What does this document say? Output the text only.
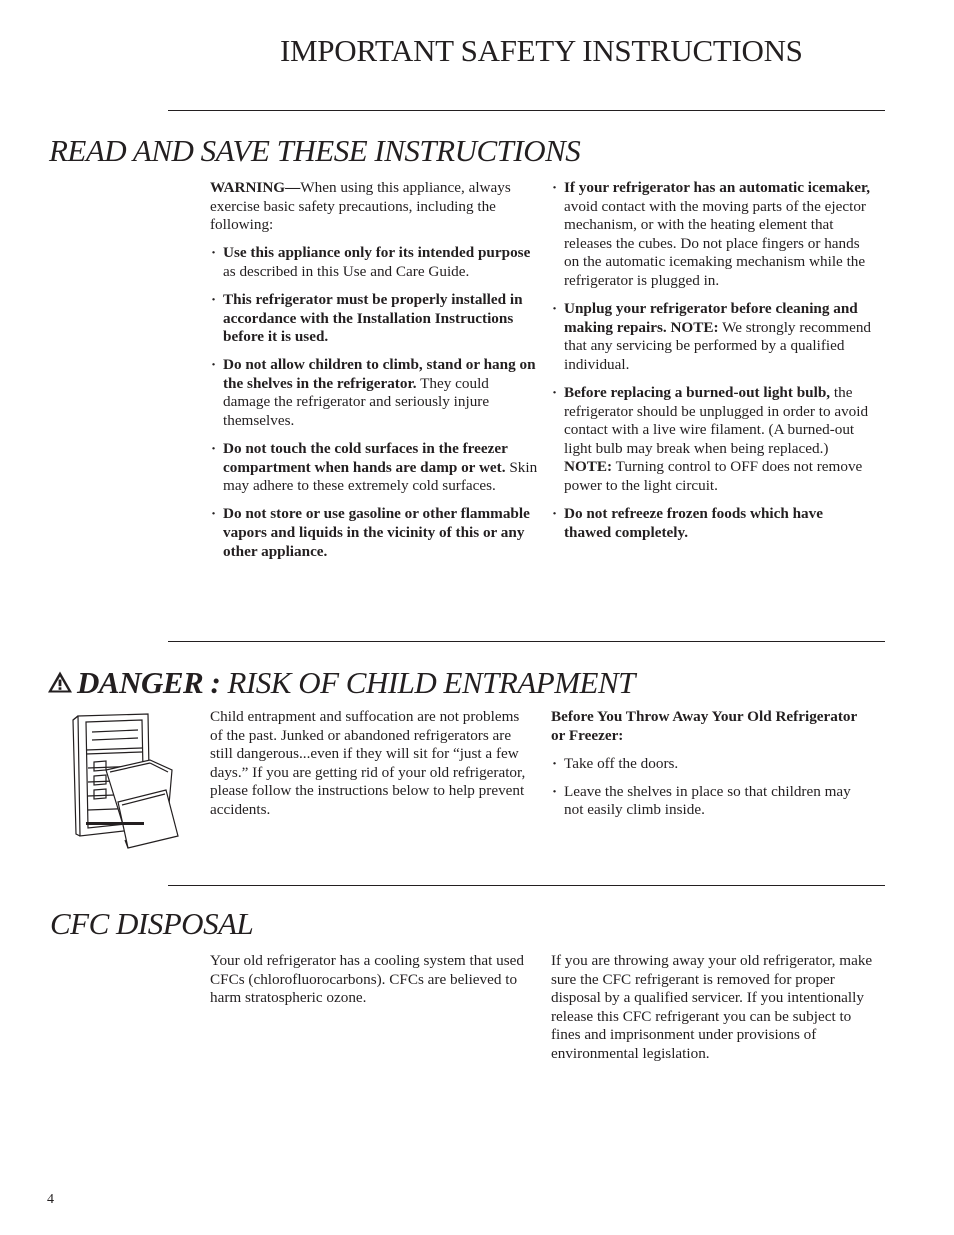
IMPORTANT SAFETY INSTRUCTIONS
READ AND SAVE THESE INSTRUCTIONS

WARNING—When using this appliance, always exercise basic safety precautions, including the following:

· Use this appliance only for its intended purpose as described in this Use and Care Guide.
· This refrigerator must be properly installed in accordance with the Installation Instructions before it is used.
· Do not allow children to climb, stand or hang on the shelves in the refrigerator. They could damage the refrigerator and seriously injure themselves.
· Do not touch the cold surfaces in the freezer compartment when hands are damp or wet. Skin may adhere to these extremely cold surfaces.
· Do not store or use gasoline or other flammable vapors and liquids in the vicinity of this or any other appliance.
· If your refrigerator has an automatic icemaker, avoid contact with the moving parts of the ejector mechanism, or with the heating element that releases the cubes. Do not place fingers or hands on the automatic icemaking mechanism while the refrigerator is plugged in.
· Unplug your refrigerator before cleaning and making repairs. NOTE: We strongly recommend that any servicing be performed by a qualified individual.
· Before replacing a burned-out light bulb, the refrigerator should be unplugged in order to avoid contact with a live wire filament. (A burned-out light bulb may break when being replaced.) NOTE: Turning control to OFF does not remove power to the light circuit.
· Do not refreeze frozen foods which have thawed completely.
DANGER : RISK OF CHILD ENTRAPMENT

Child entrapment and suffocation are not problems of the past. Junked or abandoned refrigerators are still dangerous...even if they will sit for “just a few days.” If you are getting rid of your old refrigerator, please follow the instructions below to help prevent accidents.

Before You Throw Away Your Old Refrigerator or Freezer:

· Take off the doors.
· Leave the shelves in place so that children may not easily climb inside.
CFC DISPOSAL

Your old refrigerator has a cooling system that used CFCs (chlorofluorocarbons). CFCs are believed to harm stratospheric ozone.

If you are throwing away your old refrigerator, make sure the CFC refrigerant is removed for proper disposal by a qualified servicer. If you intentionally release this CFC refrigerant you can be subject to fines and imprisonment under provisions of environmental legislation.

4
